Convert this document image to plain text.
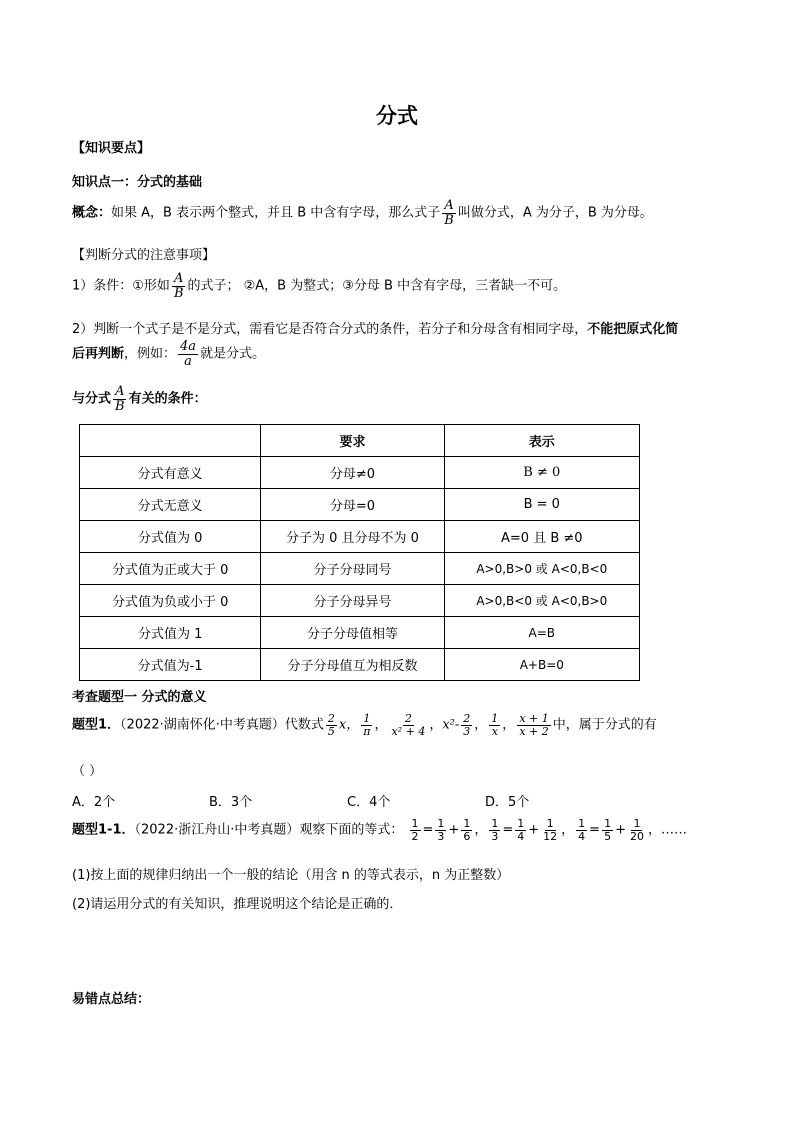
分式
【知识要点】
知识点一：分式的基础
概念：如果 A，B 表示两个整式，并且 B 中含有字母，那么式子 $\frac{A}{B}$ 叫做分式，A 为分子，B 为分母。
【判断分式的注意事项】
1）条件：①形如 $\frac{A}{B}$ 的式子； ②A，B 为整式；③分母 B 中含有字母，三者缺一不可。
2）判断一个式子是不是分式，需看它是否符合分式的条件，若分子和分母含有相同字母，不能把原式化简
后再判断，例如： $\frac{4a}{a}$ 就是分式。
与分式 $\frac{A}{B}$ 有关的条件：
	要求	表示
分式有意义	分母≠0	B ≠ 0
分式无意义	分母=0	B = 0
分式值为 0	分子为 0 且分母不为 0	A=0 且 B ≠0
分式值为正或大于 0	分子分母同号	A>0,B>0 或 A<0,B<0
分式值为负或小于 0	分子分母异号	A>0,B<0 或 A<0,B>0
分式值为 1	分子分母值相等	A=B
分式值为-1	分子分母值互为相反数	A+B=0
考查题型一 分式的意义
题型1．（2022·湖南怀化·中考真题）代数式 $\frac{2}{5}$ x， $\frac{1}{\pi}$ ， $\frac{2}{\text{x² + 4}}$ ，$x^2- \frac{2}{3}$ ， $\frac{1}{x}$ ， $\frac{x + 1}{x + 2}$ 中，属于分式的有
（ ）
A．2个	B．3个	C．4个	D．5个
题型1-1．（2022·浙江舟山·中考真题）观察下面的等式： $\frac{1}{2} = \frac{1}{3} + \frac{1}{6}$ ， $\frac{1}{3} = \frac{1}{4} + \frac{1}{12}$ ， $\frac{1}{4} = \frac{1}{5} + \frac{1}{20}$ ，……
(1)按上面的规律归纳出一个一般的结论（用含 n 的等式表示，n 为正整数）
(2)请运用分式的有关知识，推理说明这个结论是正确的．
易错点总结：
